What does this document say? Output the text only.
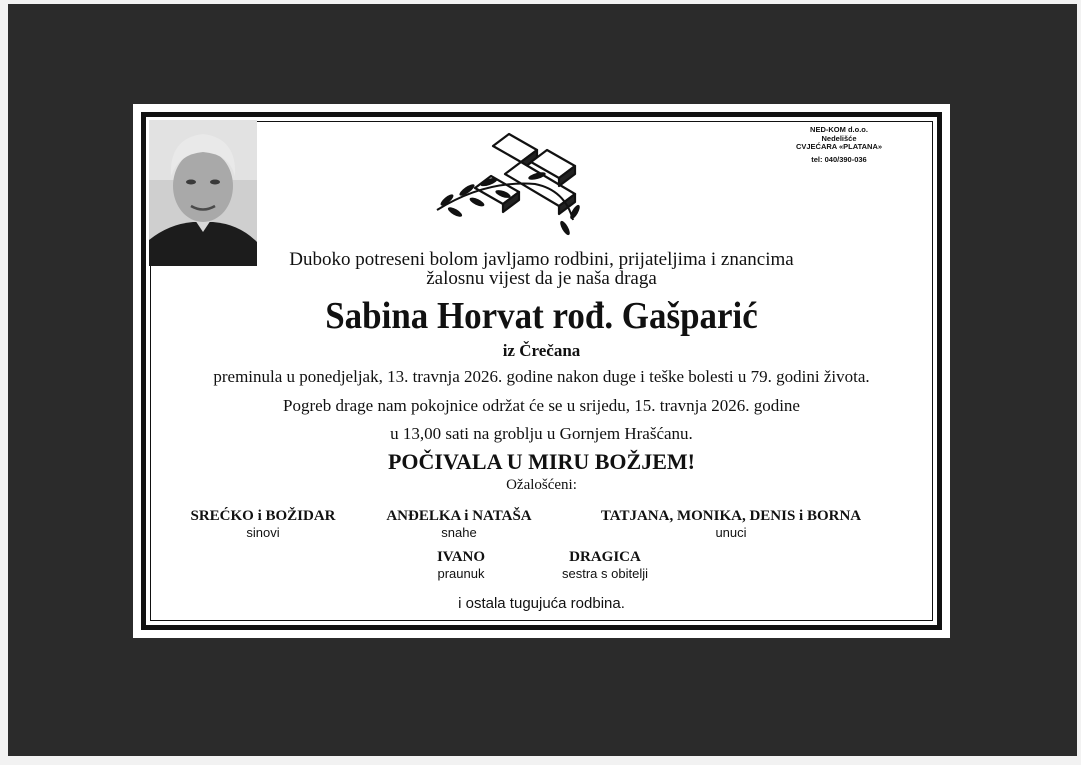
NED-KOM d.o.o.
Nedelišće
CVJEĆARA «PLATANA»
tel: 040/390-036
Duboko potreseni bolom javljamo rodbini, prijateljima i znancima
žalosnu vijest da je naša draga
Sabina Horvat rođ. Gašparić
iz Črečana
preminula u ponedjeljak, 13. travnja 2026. godine nakon duge i teške bolesti u 79. godini života.
Pogreb drage nam pokojnice održat će se u srijedu, 15. travnja 2026. godine
u 13,00 sati na groblju u Gornjem Hrašćanu.
POČIVALA U MIRU BOŽJEM!
Ožalošćeni:
SREĆKO i BOŽIDAR
sinovi
ANĐELKA i NATAŠA
snahe
TATJANA, MONIKA, DENIS i BORNA
unuci
IVANO
praunuk
DRAGICA
sestra s obitelji
i ostala tugujuća rodbina.
